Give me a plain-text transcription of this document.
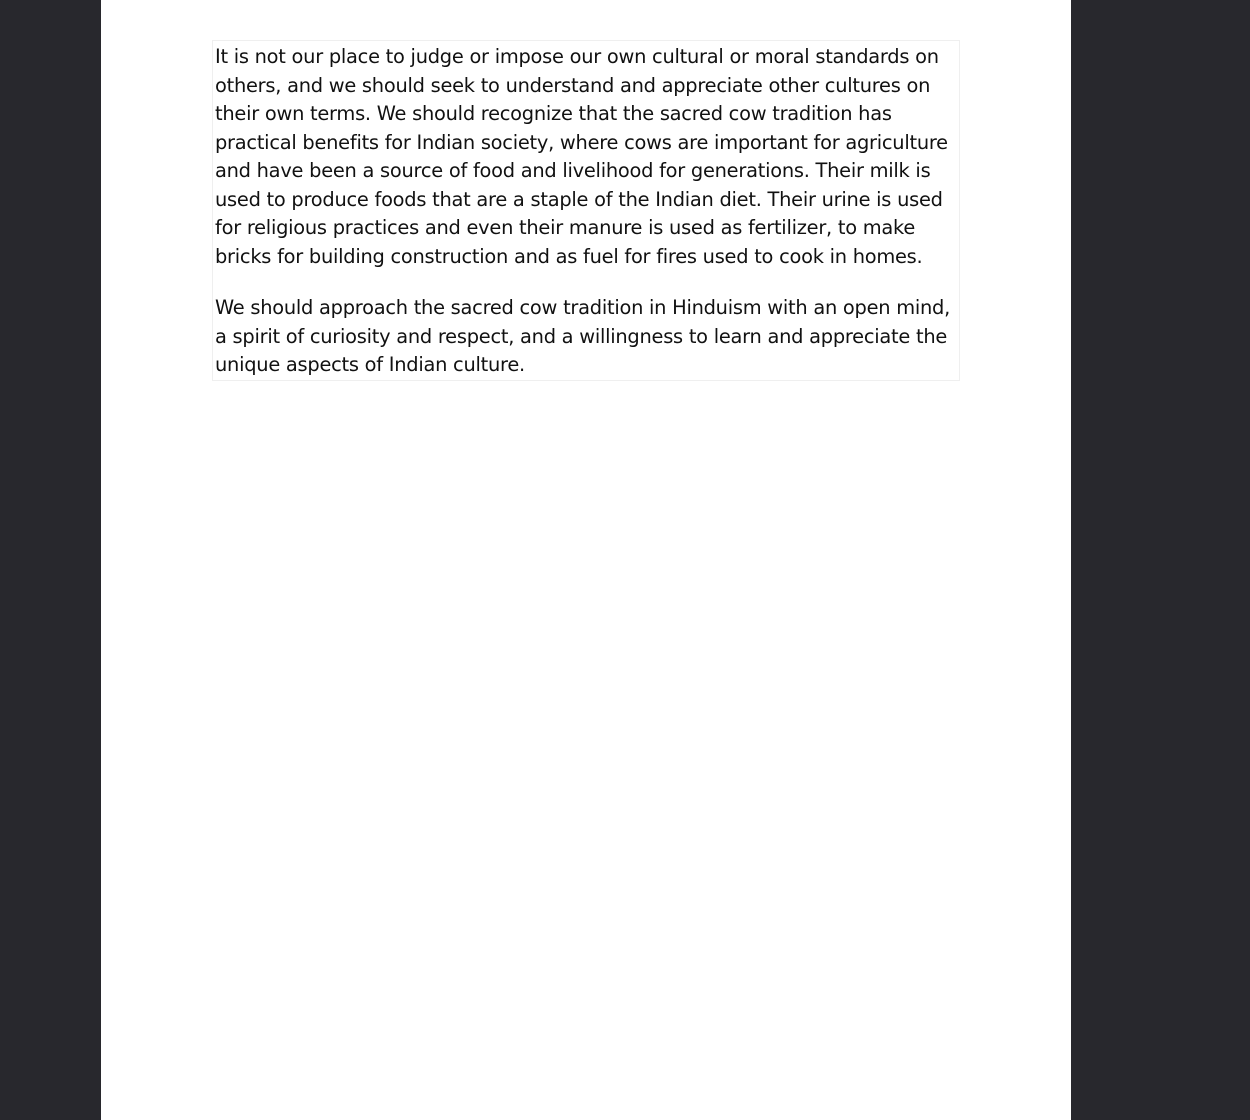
It is not our place to judge or impose our own cultural or moral standards on others, and we should seek to understand and appreciate other cultures on their own terms. We should recognize that the sacred cow tradition has practical benefits for Indian society, where cows are important for agriculture and have been a source of food and livelihood for generations. Their milk is used to produce foods that are a staple of the Indian diet. Their urine is used for religious practices and even their manure is used as fertilizer, to make bricks for building construction and as fuel for fires used to cook in homes.

We should approach the sacred cow tradition in Hinduism with an open mind, a spirit of curiosity and respect, and a willingness to learn and appreciate the unique aspects of Indian culture.
